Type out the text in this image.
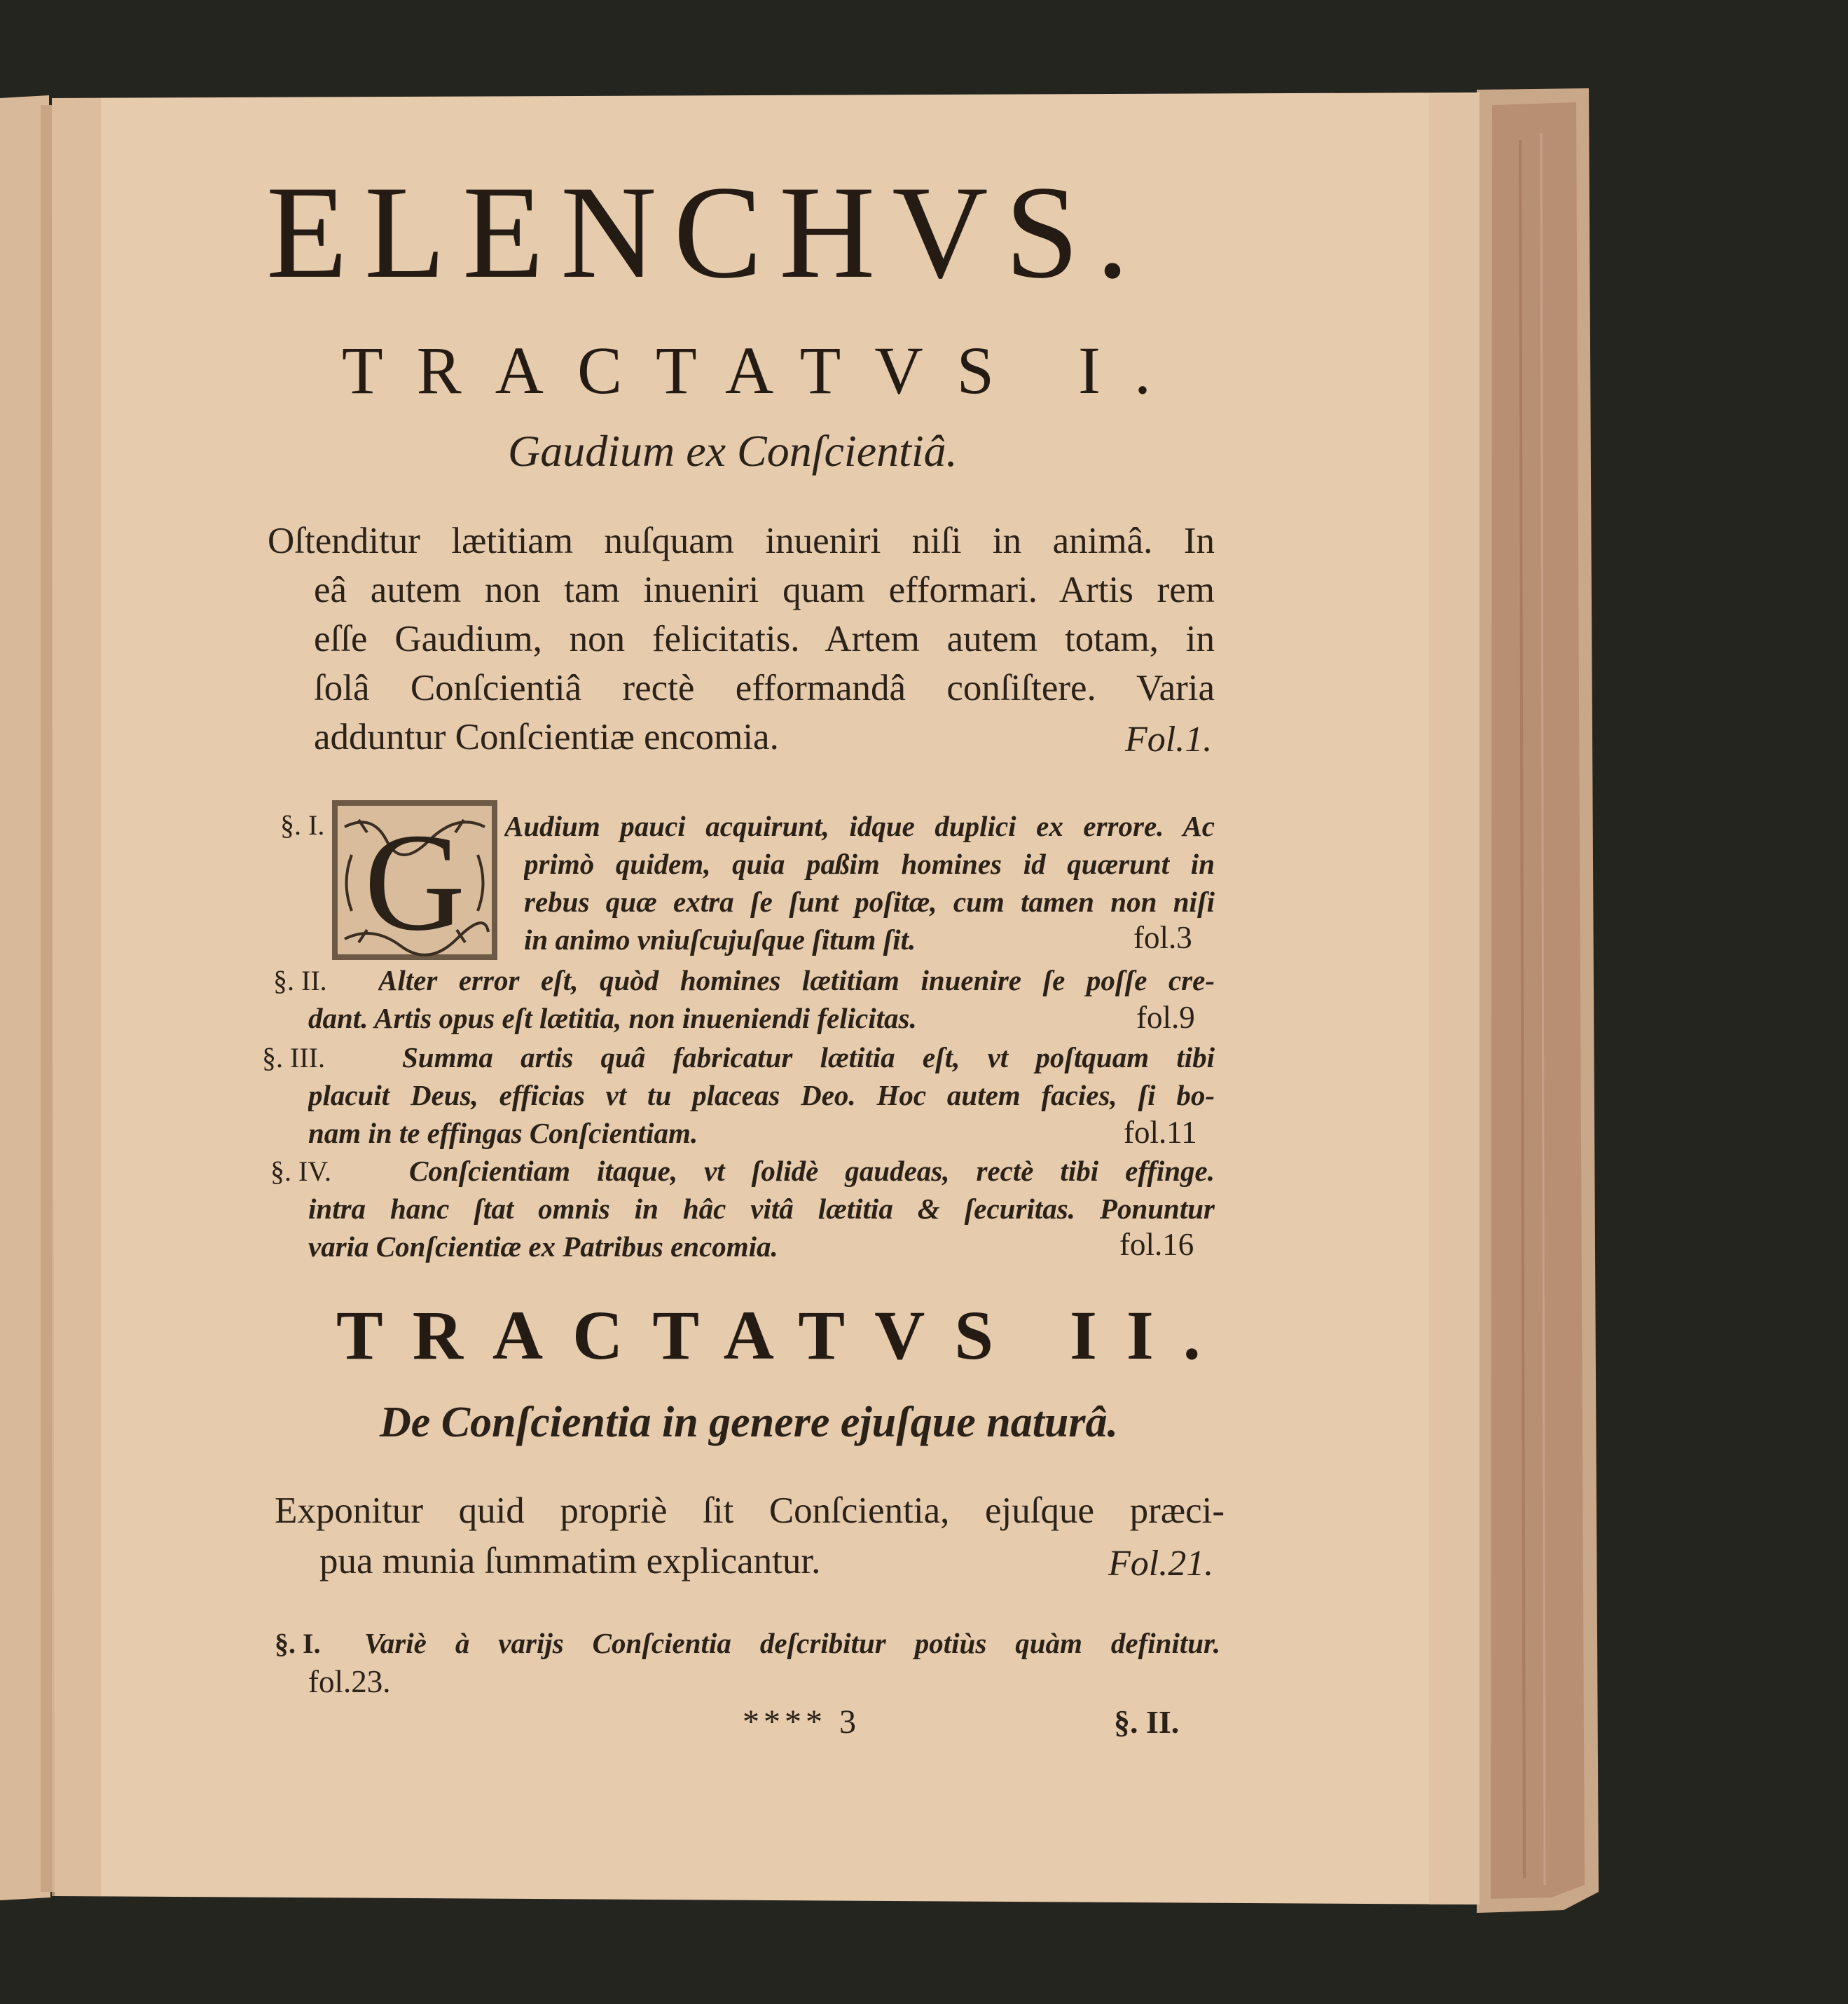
ELENCHVS.
TRACTATVS I.
Gaudium ex Conſcientiâ.
Oſtenditur lætitiam nuſquam inueniri niſi in animâ. In
eâ autem non tam inueniri quam efformari. Artis rem
eſſe Gaudium, non felicitatis. Artem autem totam, in
ſolâ Conſcientiâ rectè efformandâ conſiſtere. Varia
adduntur Conſcientiæ encomia.	Fol.1.
§. I. G Audium pauci acquirunt, idque duplici ex errore. Ac
primò quidem, quia paßim homines id quærunt in
rebus quæ extra ſe ſunt poſitæ, cum tamen non niſi
in animo vniuſcujuſque ſitum ſit.	fol.3
§. II. Alter error eſt, quòd homines lætitiam inuenire ſe poſſe cre-
dant. Artis opus eſt lætitia, non inueniendi felicitas.	fol.9
§. III.	Summa artis quâ fabricatur lætitia eſt, vt poſtquam tibi
placuit Deus, efficias vt tu placeas Deo. Hoc autem facies, ſi bo-
nam in te effingas Conſcientiam.	fol.11
§. IV.	Conſcientiam itaque, vt ſolidè gaudeas, rectè tibi effinge.
intra hanc ſtat omnis in hâc vitâ lætitia & ſecuritas. Ponuntur
varia Conſcientiæ ex Patribus encomia.	fol.16
TRACTATVS II.
De Conſcientia in genere ejuſque naturâ.
Exponitur quid propriè ſit Conſcientia, ejuſque præci-
pua munia ſummatim explicantur.	Fol.21.
§. I. Variè à varijs Conſcientia deſcribitur potiùs quàm definitur.
fol.23.
**** 3	§. II.
